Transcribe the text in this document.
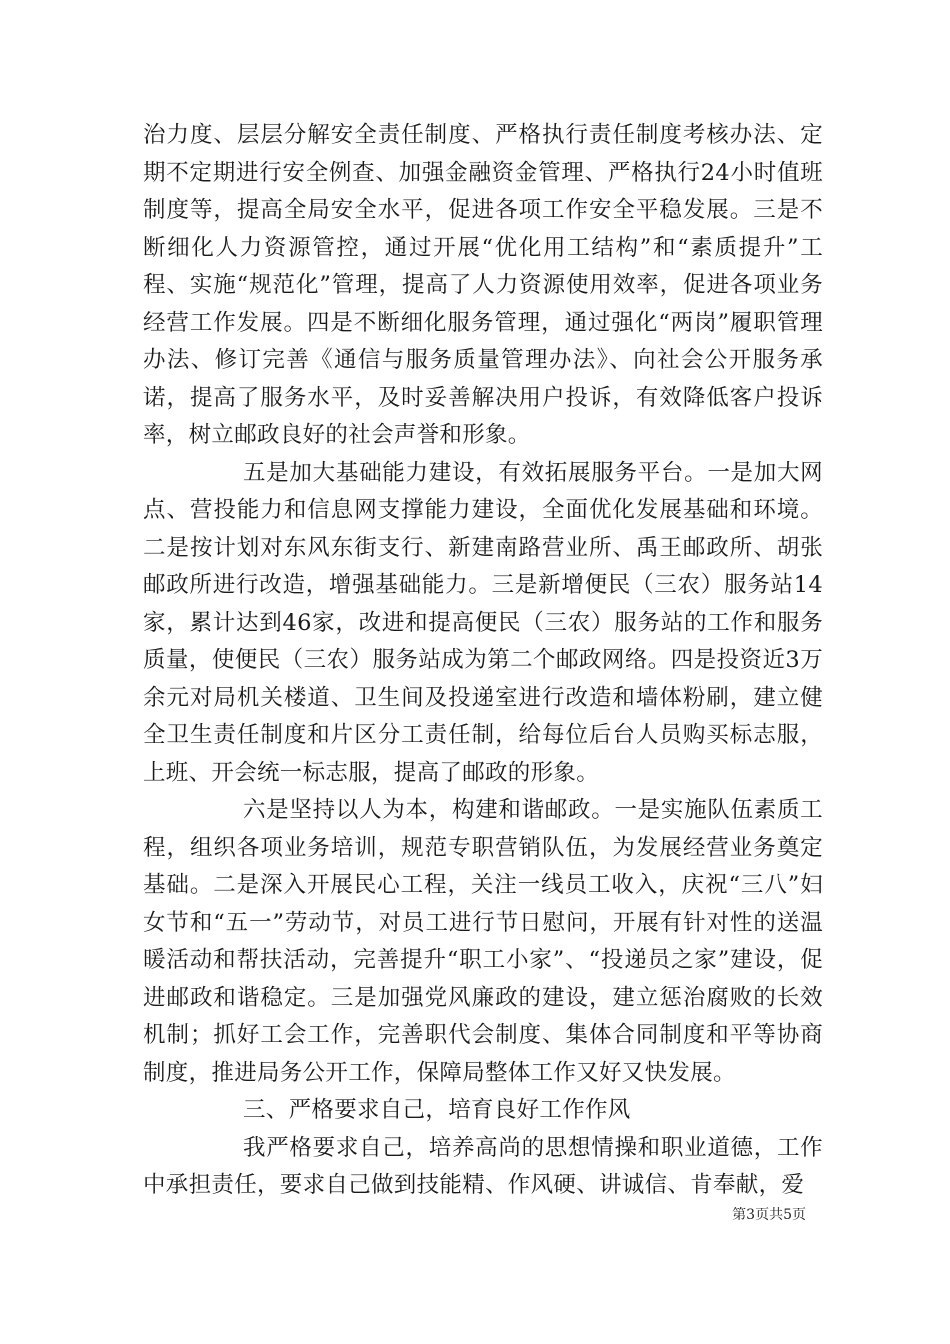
治力度、层层分解安全责任制度、严格执行责任制度考核办法、定期不定期进行安全例查、加强金融资金管理、严格执行24小时值班制度等，提高全局安全水平，促进各项工作安全平稳发展。三是不断细化人力资源管控，通过开展“优化用工结构”和“素质提升”工程、实施“规范化”管理，提高了人力资源使用效率，促进各项业务经营工作发展。四是不断细化服务管理，通过强化“两岗”履职管理办法、修订完善《通信与服务质量管理办法》、向社会公开服务承诺，提高了服务水平，及时妥善解决用户投诉，有效降低客户投诉率，树立邮政良好的社会声誉和形象。

五是加大基础能力建设，有效拓展服务平台。一是加大网点、营投能力和信息网支撑能力建设，全面优化发展基础和环境。二是按计划对东风东街支行、新建南路营业所、禹王邮政所、胡张邮政所进行改造，增强基础能力。三是新增便民（三农）服务站14家，累计达到46家，改进和提高便民（三农）服务站的工作和服务质量，使便民（三农）服务站成为第二个邮政网络。四是投资近3万余元对局机关楼道、卫生间及投递室进行改造和墙体粉刷，建立健全卫生责任制度和片区分工责任制，给每位后台人员购买标志服，上班、开会统一标志服，提高了邮政的形象。

六是坚持以人为本，构建和谐邮政。一是实施队伍素质工程，组织各项业务培训，规范专职营销队伍，为发展经营业务奠定基础。二是深入开展民心工程，关注一线员工收入，庆祝“三八”妇女节和“五一”劳动节，对员工进行节日慰问，开展有针对性的送温暖活动和帮扶活动，完善提升“职工小家”、“投递员之家”建设，促进邮政和谐稳定。三是加强党风廉政的建设，建立惩治腐败的长效机制；抓好工会工作，完善职代会制度、集体合同制度和平等协商制度，推进局务公开工作，保障局整体工作又好又快发展。

三、严格要求自己，培育良好工作作风

我严格要求自己，培养高尚的思想情操和职业道德，工作中承担责任，要求自己做到技能精、作风硬、讲诚信、肯奉献，爱

第3页共5页
